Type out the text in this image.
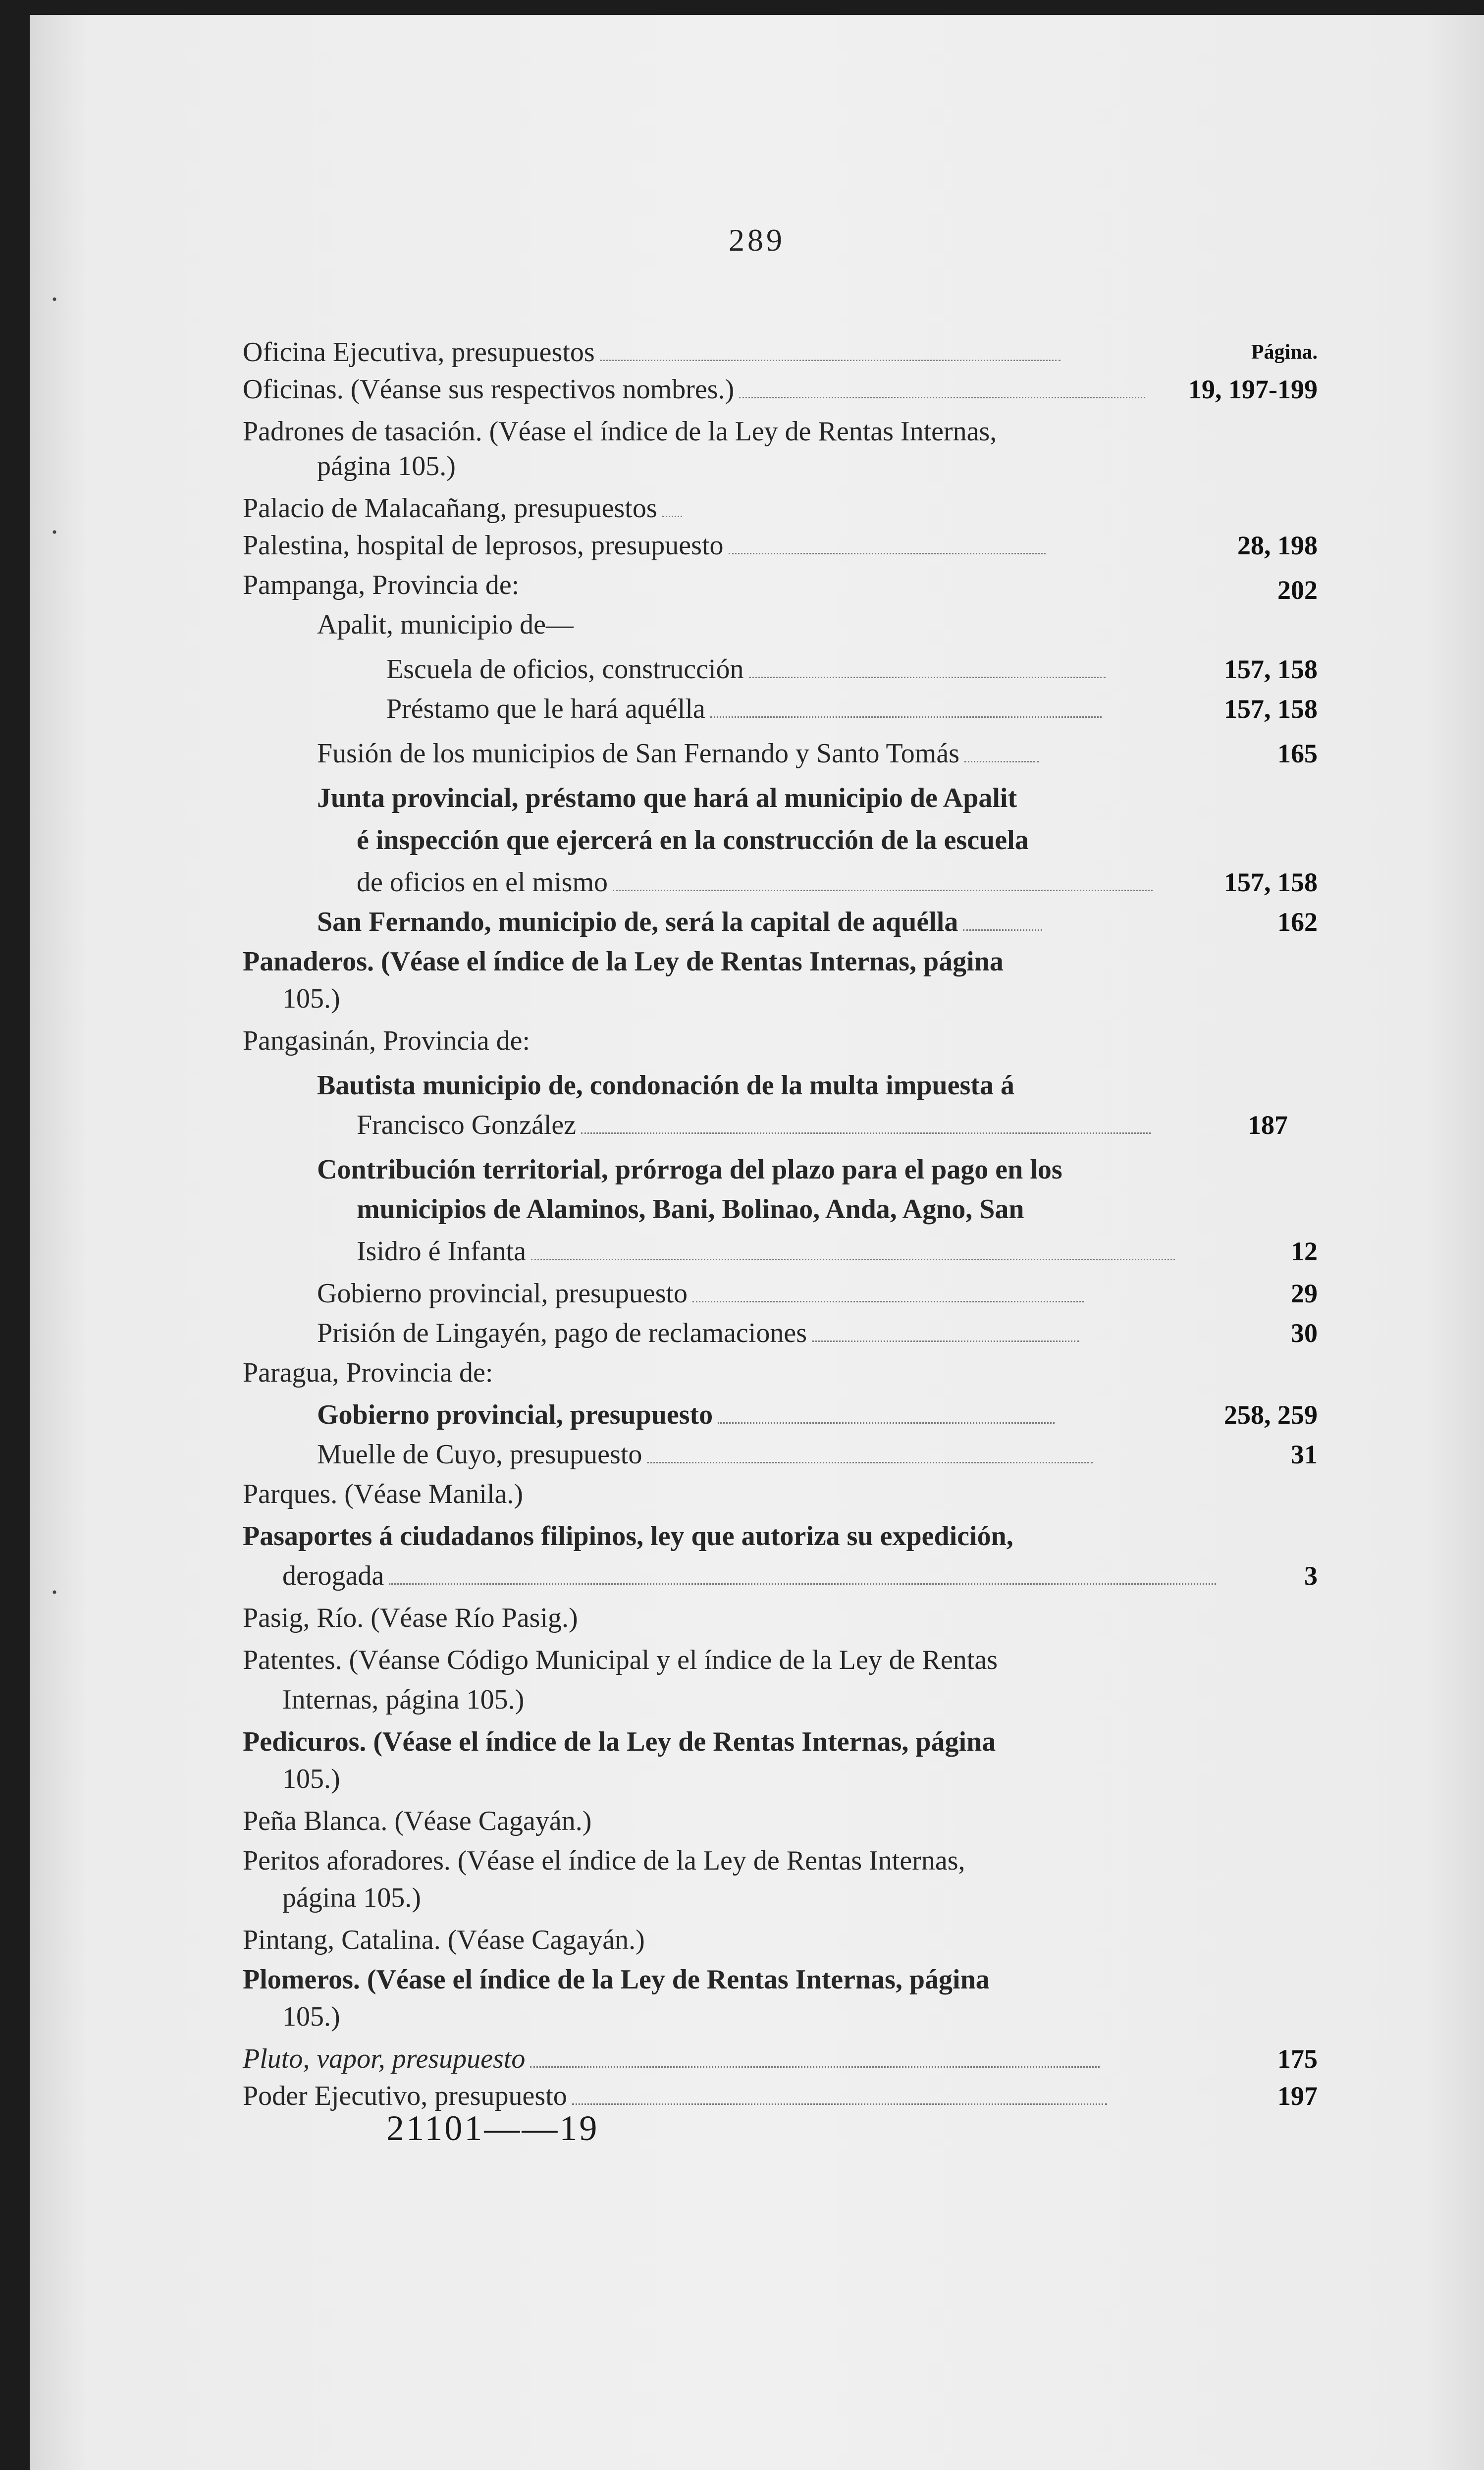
289
Oficina Ejecutiva, presupuestos	Página.
Oficinas. (Véanse sus respectivos nombres.)	19, 197-199
Padrones de tasación. (Véase el índice de la Ley de Rentas Internas,
página 105.)
Palacio de Malacañang, presupuestos
Palestina, hospital de leprosos, presupuesto	28, 198
Pampanga, Provincia de:	202
Apalit, municipio de—
Escuela de oficios, construcción	157, 158
Préstamo que le hará aquélla	157, 158
Fusión de los municipios de San Fernando y Santo Tomás	165
Junta provincial, préstamo que hará al municipio de Apalit
é inspección que ejercerá en la construcción de la escuela
de oficios en el mismo	157, 158
San Fernando, municipio de, será la capital de aquélla	162
Panaderos. (Véase el índice de la Ley de Rentas Internas, página
105.)
Pangasinán, Provincia de:
Bautista municipio de, condonación de la multa impuesta á
Francisco González	187
Contribución territorial, prórroga del plazo para el pago en los
municipios de Alaminos, Bani, Bolinao, Anda, Agno, San
Isidro é Infanta	12
Gobierno provincial, presupuesto	29
Prisión de Lingayén, pago de reclamaciones	30
Paragua, Provincia de:
Gobierno provincial, presupuesto	258, 259
Muelle de Cuyo, presupuesto	31
Parques. (Véase Manila.)
Pasaportes á ciudadanos filipinos, ley que autoriza su expedición,
derogada	3
Pasig, Río. (Véase Río Pasig.)
Patentes. (Véanse Código Municipal y el índice de la Ley de Rentas
Internas, página 105.)
Pedicuros. (Véase el índice de la Ley de Rentas Internas, página
105.)
Peña Blanca. (Véase Cagayán.)
Peritos aforadores. (Véase el índice de la Ley de Rentas Internas,
página 105.)
Pintang, Catalina. (Véase Cagayán.)
Plomeros. (Véase el índice de la Ley de Rentas Internas, página
105.)
Pluto, vapor, presupuesto	175
Poder Ejecutivo, presupuesto	197
21101——19
·
·
·
